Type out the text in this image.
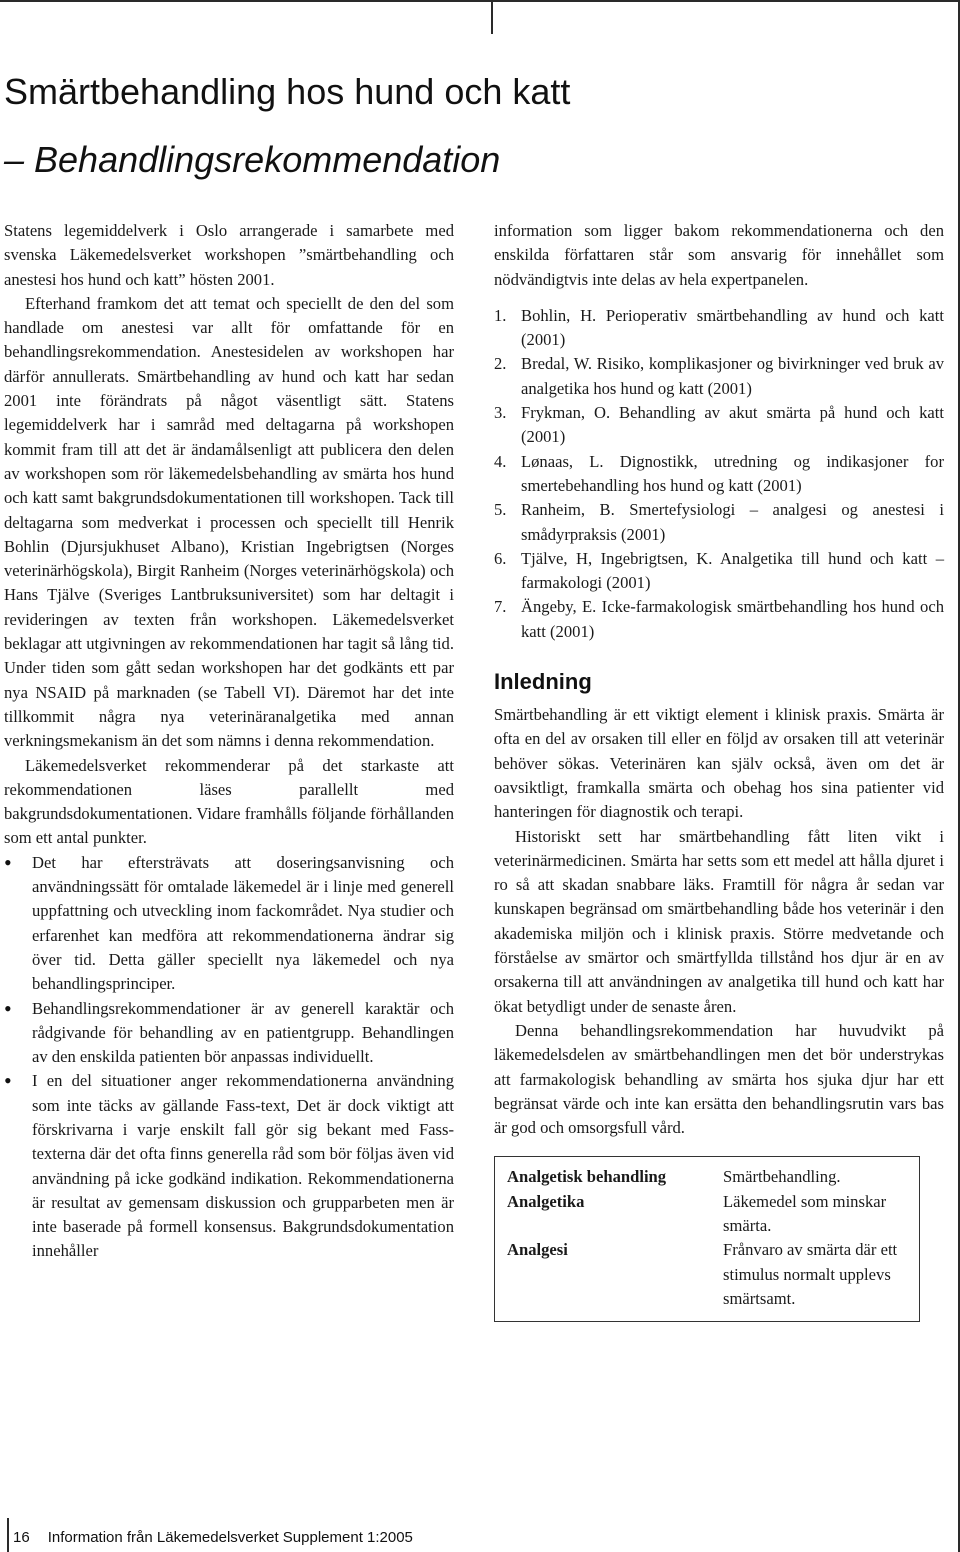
Smärtbehandling hos hund och katt
– Behandlingsrekommendation

Statens legemiddelverk i Oslo arrangerade i samarbete med svenska Läkemedelsverket workshopen ”smärtbehandling och anestesi hos hund och katt” hösten 2001.

Efterhand framkom det att temat och speciellt de den del som handlade om anestesi var allt för omfattande för en behandlingsrekommendation. Anestesidelen av workshopen har därför annullerats. Smärtbehandling av hund och katt har sedan 2001 inte förändrats på något väsentligt sätt. Statens legemiddelverk har i samråd med deltagarna på workshopen kommit fram till att det är ändamålsenligt att publicera den delen av workshopen som rör läkemedelsbehandling av smärta hos hund och katt samt bakgrundsdokumentationen till workshopen. Tack till deltagarna som medverkat i processen och speciellt till Henrik Bohlin (Djursjukhuset Albano), Kristian Ingebrigtsen (Norges veterinärhögskola), Birgit Ranheim (Norges veterinärhögskola) och Hans Tjälve (Sveriges Lantbruksuniversitet) som har deltagit i revideringen av texten från workshopen. Läkemedelsverket beklagar att utgivningen av rekommendationen har tagit så lång tid. Under tiden som gått sedan workshopen har det godkänts ett par nya NSAID på marknaden (se Tabell VI). Däremot har det inte tillkommit några nya veterinäranalgetika med annan verkningsmekanism än det som nämns i denna rekommendation.

Läkemedelsverket rekommenderar på det starkaste att rekommendationen läses parallellt med bakgrundsdokumentationen. Vidare framhålls följande förhållanden som ett antal punkter.

• Det har eftersträvats att doseringsanvisning och användningssätt för omtalade läkemedel är i linje med generell uppfattning och utveckling inom fackområdet. Nya studier och erfarenhet kan medföra att rekommendationerna ändrar sig över tid. Detta gäller speciellt nya läkemedel och nya behandlingsprinciper.
• Behandlingsrekommendationer är av generell karaktär och rådgivande för behandling av en patientgrupp. Behandlingen av den enskilda patienten bör anpassas individuellt.
• I en del situationer anger rekommendationerna användning som inte täcks av gällande Fass-text, Det är dock viktigt att förskrivarna i varje enskilt fall gör sig bekant med Fass-texterna där det ofta finns generella råd som bör följas även vid användning på icke godkänd indikation. Rekommendationerna är resultat av gemensam diskussion och grupparbeten men är inte baserade på formell konsensus. Bakgrundsdokumentation innehåller

information som ligger bakom rekommendationerna och den enskilda författaren står som ansvarig för innehållet som nödvändigtvis inte delas av hela expertpanelen.

1. Bohlin, H. Perioperativ smärtbehandling av hund och katt (2001)
2. Bredal, W. Risiko, komplikasjoner og bivirkninger ved bruk av analgetika hos hund og katt (2001)
3. Frykman, O. Behandling av akut smärta på hund och katt (2001)
4. Lønaas, L. Dignostikk, utredning og indikasjoner for smertebehandling hos hund og katt (2001)
5. Ranheim, B. Smertefysiologi – analgesi og anestesi i smådyrpraksis (2001)
6. Tjälve, H, Ingebrigtsen, K. Analgetika till hund och katt – farmakologi (2001)
7. Ängeby, E. Icke-farmakologisk smärtbehandling hos hund och katt (2001)
Inledning

Smärtbehandling är ett viktigt element i klinisk praxis. Smärta är ofta en del av orsaken till eller en följd av orsaken till att veterinär behöver sökas. Veterinären kan själv också, även om det är oavsiktligt, framkalla smärta och obehag hos sina patienter vid hanteringen för diagnostik och terapi.

Historiskt sett har smärtbehandling fått liten vikt i veterinärmedicinen. Smärta har setts som ett medel att hålla djuret i ro så att skadan snabbare läks. Framtill för några år sedan var kunskapen begränsad om smärtbehandling både hos veterinär i den akademiska miljön och i klinisk praxis. Större medvetande och förståelse av smärtor och smärtfyllda tillstånd hos djur är en av orsakerna till att användningen av analgetika till hund och katt har ökat betydligt under de senaste åren.

Denna behandlingsrekommendation har huvudvikt på läkemedelsdelen av smärtbehandlingen men det bör understrykas att farmakologisk behandling av smärta hos sjuka djur har ett begränsat värde och inte kan ersätta den behandlingsrutin vars bas är god och omsorgsfull vård.

Analgetisk behandling	Smärtbehandling.
Analgetika	Läkemedel som minskar smärta.
Analgesi	Frånvaro av smärta där ett stimulus normalt upplevs smärtsamt.
16 Information från Läkemedelsverket Supplement 1:2005
